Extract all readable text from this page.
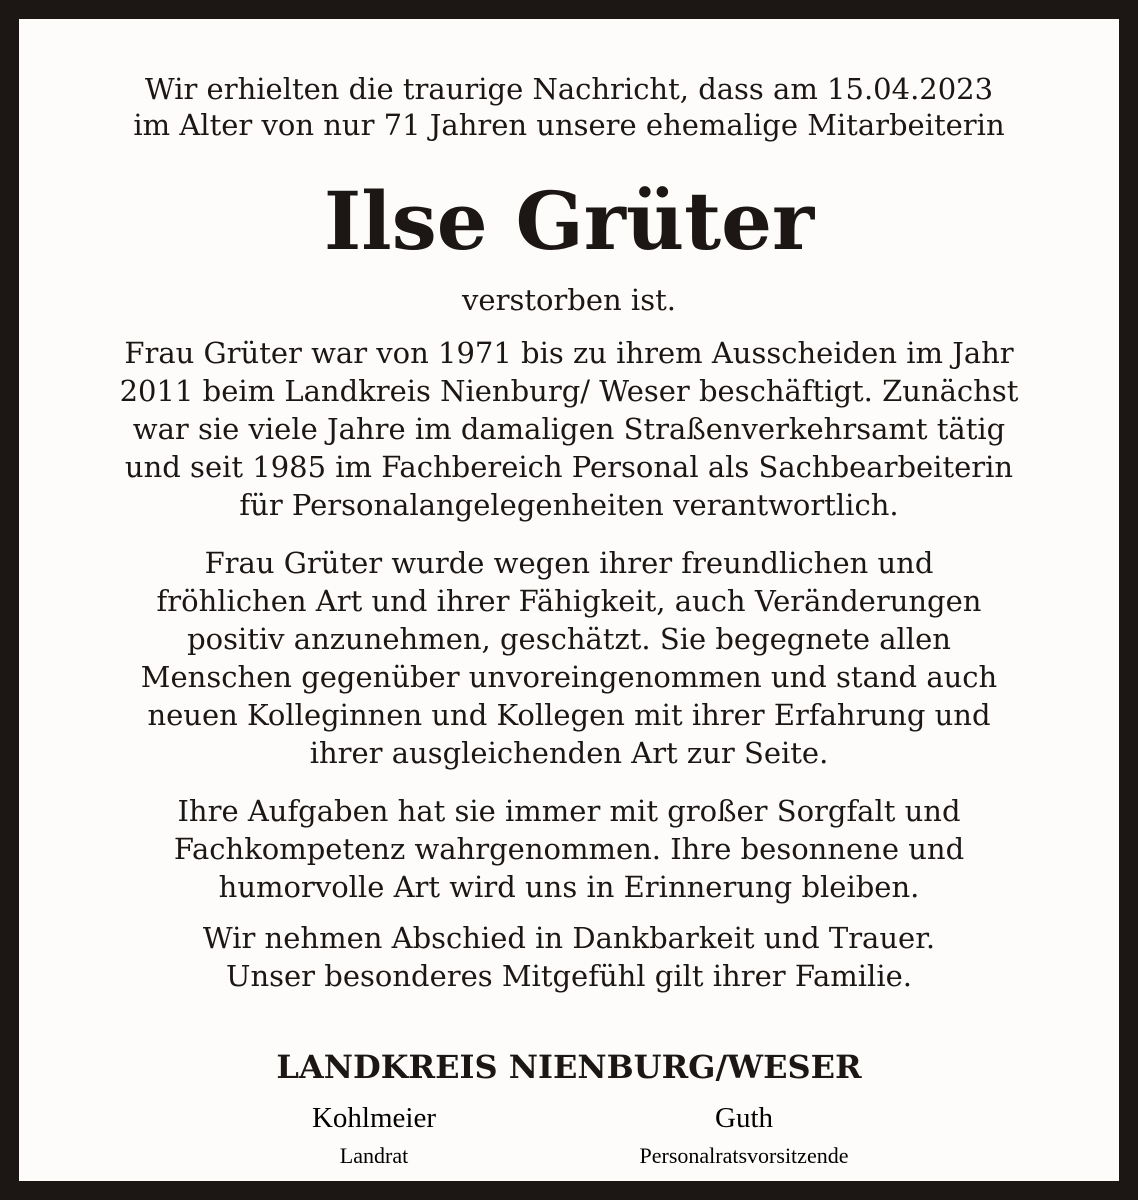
Wir erhielten die traurige Nachricht, dass am 15.04.2023
im Alter von nur 71 Jahren unsere ehemalige Mitarbeiterin
Ilse Grüter
verstorben ist.
Frau Grüter war von 1971 bis zu ihrem Ausscheiden im Jahr
2011 beim Landkreis Nienburg/ Weser beschäftigt. Zunächst
war sie viele Jahre im damaligen Straßenverkehrsamt tätig
und seit 1985 im Fachbereich Personal als Sachbearbeiterin
für Personalangelegenheiten verantwortlich.
Frau Grüter wurde wegen ihrer freundlichen und
fröhlichen Art und ihrer Fähigkeit, auch Veränderungen
positiv anzunehmen, geschätzt. Sie begegnete allen
Menschen gegenüber unvoreingenommen und stand auch
neuen Kolleginnen und Kollegen mit ihrer Erfahrung und
ihrer ausgleichenden Art zur Seite.
Ihre Aufgaben hat sie immer mit großer Sorgfalt und
Fachkompetenz wahrgenommen. Ihre besonnene und
humorvolle Art wird uns in Erinnerung bleiben.
Wir nehmen Abschied in Dankbarkeit und Trauer.
Unser besonderes Mitgefühl gilt ihrer Familie.
LANDKREIS NIENBURG/WESER
Kohlmeier
Landrat
Guth
Personalratsvorsitzende
